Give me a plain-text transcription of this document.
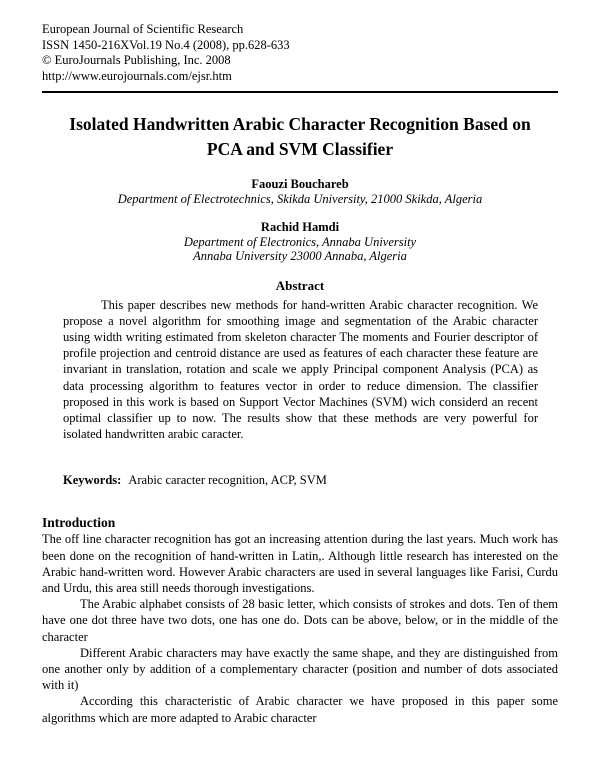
European Journal of Scientific Research
ISSN 1450-216XVol.19 No.4 (2008), pp.628-633
© EuroJournals Publishing, Inc. 2008
http://www.eurojournals.com/ejsr.htm
Isolated Handwritten Arabic Character Recognition Based on PCA and SVM Classifier
Faouzi Bouchareb
Department of Electrotechnics, Skikda University, 21000 Skikda, Algeria
Rachid Hamdi
Department of Electronics, Annaba University
Annaba University 23000 Annaba, Algeria
Abstract

This paper describes new methods for hand-written Arabic character recognition. We propose a novel algorithm for smoothing image and segmentation of the Arabic character using width writing estimated from skeleton character The moments and Fourier descriptor of profile projection and centroid distance are used as features of each character these feature are invariant in translation, rotation and scale we apply Principal component Analysis (PCA) as data processing algorithm to features vector in order to reduce dimension. The classifier proposed in this work is based on Support Vector Machines (SVM) wich considerd an recent optimal classifier up to now. The results show that these methods are very powerful for isolated handwritten arabic caracter.

Keywords: Arabic caracter recognition, ACP, SVM

Introduction

The off line character recognition has got an increasing attention during the last years. Much work has been done on the recognition of hand-written in Latin,. Although little research has interested on the Arabic hand-written word. However Arabic characters are used in several languages like Farisi, Curdu and Urdu, this area still needs thorough investigations.

The Arabic alphabet consists of 28 basic letter, which consists of strokes and dots. Ten of them have one dot three have two dots, one has one do. Dots can be above, below, or in the middle of the character

Different Arabic characters may have exactly the same shape, and they are distinguished from one another only by addition of a complementary character (position and number of dots associated with it)

According this characteristic of Arabic character we have proposed in this paper some algorithms which are more adapted to Arabic character
